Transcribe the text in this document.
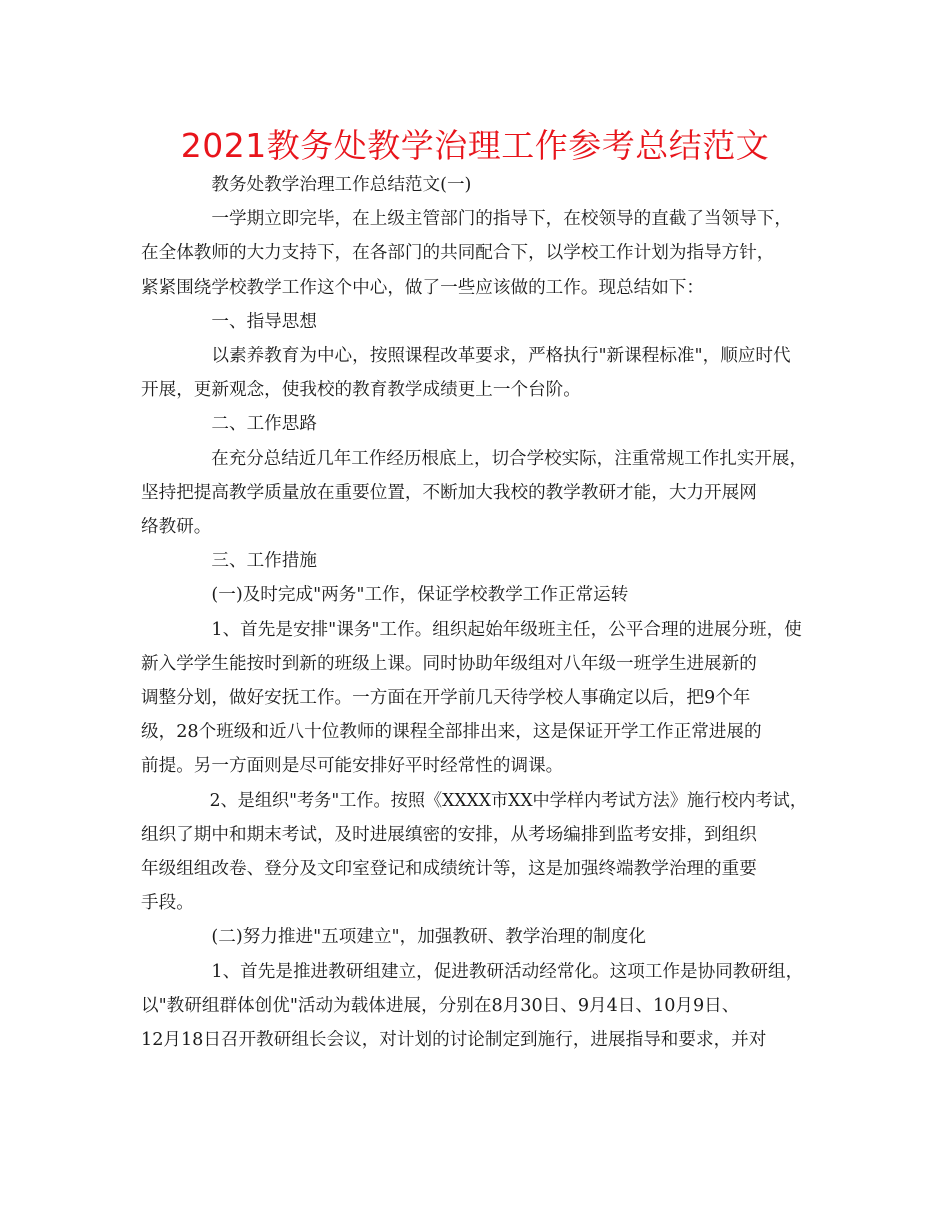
2021教务处教学治理工作参考总结范文
教务处教学治理工作总结范文(一)
一学期立即完毕，在上级主管部门的指导下，在校领导的直截了当领导下，
在全体教师的大力支持下，在各部门的共同配合下，以学校工作计划为指导方针，
紧紧围绕学校教学工作这个中心，做了一些应该做的工作。现总结如下：
一、指导思想
以素养教育为中心，按照课程改革要求，严格执行"新课程标准"，顺应时代
开展，更新观念，使我校的教育教学成绩更上一个台阶。
二、工作思路
在充分总结近几年工作经历根底上，切合学校实际，注重常规工作扎实开展，
坚持把提高教学质量放在重要位置，不断加大我校的教学教研才能，大力开展网
络教研。
三、工作措施
(一)及时完成"两务"工作，保证学校教学工作正常运转
1、首先是安排"课务"工作。组织起始年级班主任，公平合理的进展分班，使
新入学学生能按时到新的班级上课。同时协助年级组对八年级一班学生进展新的
调整分划，做好安抚工作。一方面在开学前几天待学校人事确定以后，把9个年
级，28个班级和近八十位教师的课程全部排出来，这是保证开学工作正常进展的
前提。另一方面则是尽可能安排好平时经常性的调课。
2、是组织"考务"工作。按照《XXXX市XX中学样内考试方法》施行校内考试，
组织了期中和期末考试，及时进展缜密的安排，从考场编排到监考安排，到组织
年级组组改卷、登分及文印室登记和成绩统计等，这是加强终端教学治理的重要
手段。
(二)努力推进"五项建立"，加强教研、教学治理的制度化
1、首先是推进教研组建立，促进教研活动经常化。这项工作是协同教研组，
以"教研组群体创优"活动为载体进展，分别在8月30日、9月4日、10月9日、
12月18日召开教研组长会议，对计划的讨论制定到施行，进展指导和要求，并对
